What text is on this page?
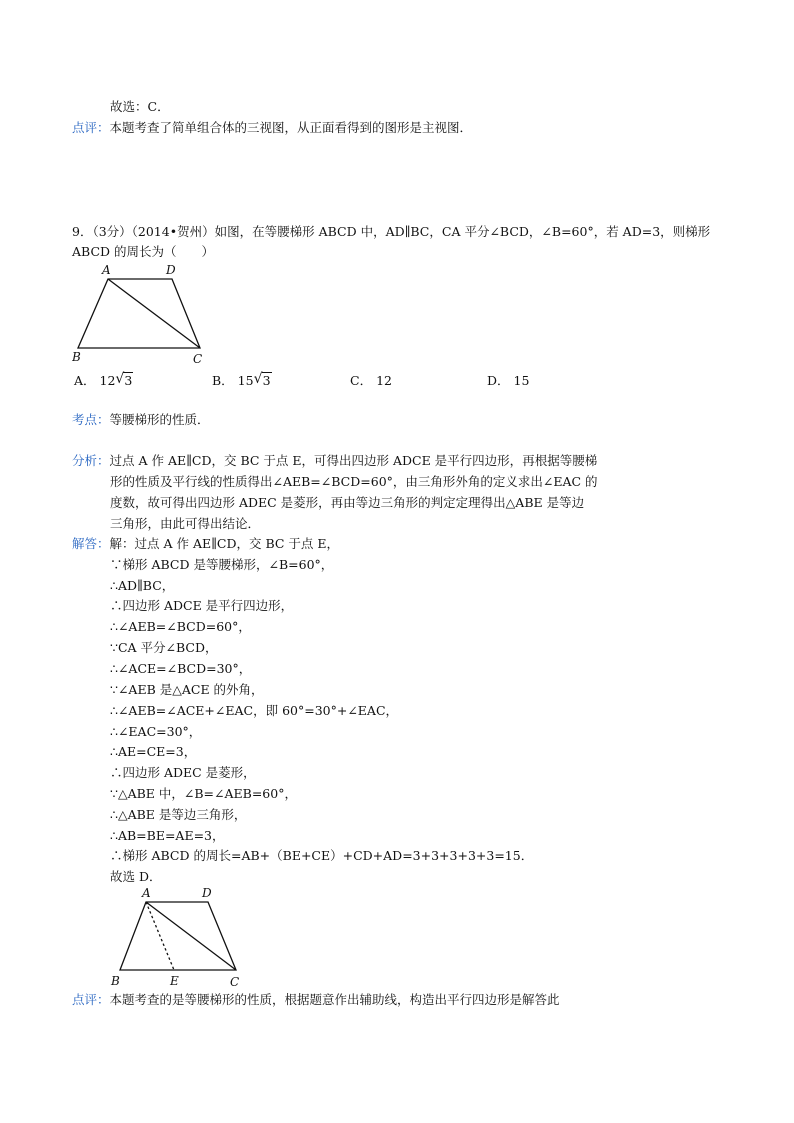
故选：C．
点评：本题考查了简单组合体的三视图，从正面看得到的图形是主视图．
9．（3分）（2014•贺州）如图，在等腰梯形 ABCD 中，AD∥BC，CA 平分∠BCD，∠B=60°，若 AD=3，则梯形
ABCD 的周长为（　　）
A	D
B	C
A． 12 √ 3	B． 15 √ 3	C． 12	D． 15
考点：等腰梯形的性质．
分析：过点 A 作 AE∥CD，交 BC 于点 E，可得出四边形 ADCE 是平行四边形，再根据等腰梯
形的性质及平行线的性质得出∠AEB=∠BCD=60°，由三角形外角的定义求出∠EAC 的
度数，故可得出四边形 ADEC 是菱形，再由等边三角形的判定定理得出△ABE 是等边
三角形，由此可得出结论．
解答：解：过点 A 作 AE∥CD，交 BC 于点 E，
∵梯形 ABCD 是等腰梯形，∠B=60°，
∴AD∥BC，
∴四边形 ADCE 是平行四边形，
∴∠AEB=∠BCD=60°，
∵CA 平分∠BCD，
∴∠ACE=∠BCD=30°，
∵∠AEB 是△ACE 的外角，
∴∠AEB=∠ACE+∠EAC，即 60°=30°+∠EAC，
∴∠EAC=30°，
∴AE=CE=3，
∴四边形 ADEC 是菱形，
∵△ABE 中，∠B=∠AEB=60°，
∴△ABE 是等边三角形，
∴AB=BE=AE=3，
∴梯形 ABCD 的周长=AB+（BE+CE）+CD+AD=3+3+3+3+3=15．
故选 D．
A	D
B	E	C
点评：本题考查的是等腰梯形的性质，根据题意作出辅助线，构造出平行四边形是解答此
